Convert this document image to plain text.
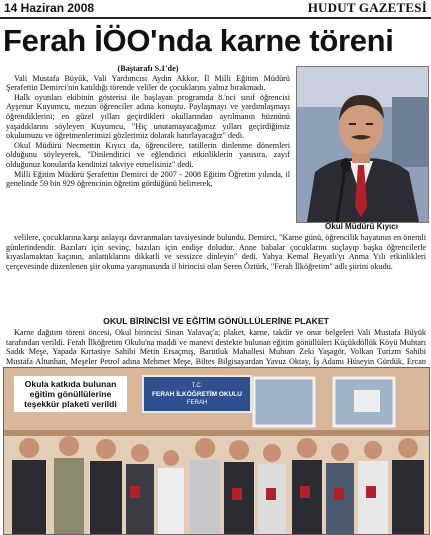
14 Haziran 2008	HUDUT GAZETESİ
Ferah İÖO'nda karne töreni

(Baştarafı S.1'de)

Vali Mustafa Büyük, Vali Yardımcısı Aydın Akkor, İl Milli Eğitim Müdürü Şerafettin Demirci'nin katıldığı törende veliler de çocuklarını yalnız bırakmadı.

Halk oyunları ekibinin gösterisi ile başlayan programda 8.'nci sınıf öğrencisi Ayşenur Kuyumcu, mezun öğrenciler adına konuştu. Paylaşmayı ve yardımlaşmayı öğrendiklerini; en güzel yılları geçirdikleri okullarından ayrılmanın hüznünü yaşadıklarını söyleyen Kuyumcu, "Hiç unutamayacağımız yılları geçirdiğimiz okulumuzu ve öğretmenlerimizi gözlerimiz dolarak hatırlayacağız" dedi.

Okul Müdürü Necmettin Kıyıcı da, öğrencilere, tatillerin dinlenme dönemleri olduğunu söyleyerek, "Dinlendirici ve eğlendirici etkinliklerin yanısıra, zayıf olduğunuz konularda kendinizi takviye etmelisiniz" dedi.

Milli Eğitim Müdürü Şerafettin Demirci de 2007 - 2008 Eğitim Öğretim yılında, il genelinde 59 bin 929 öğrencinin öğretim gördüğünü belirterek,

Okul Müdürü Kıyıcı

velilere, çocuklarına karşı anlayışı davranmaları tavsiyesinde bulundu. Demirci, "Karne günü, öğrencilik hayatının en önemli günlerindendir. Bazıları için sevinç, bazıları için endişe doludur. Anne babalar çocuklarını suçlayıp başka öğrencilerle kıyaslamaktan kaçının, anlattıklarını dikkatli ve sessizce dinleyin" dedi. Yahya Kemal Beyatlı'yı Anma Yılı etkinlikleri çerçevesinde düzenlenen şiir okuma yarışmasında il birincisi olan Seren Öztürk, "Ferah İlköğretim" adlı şiirini okudu.

OKUL BİRİNCİSİ VE EĞİTİM GÖNÜLLÜLERİNE PLAKET

Karne dağıtım töreni öncesi, Okul birincisi Sinan Yalavaç'a; plaket, karne, takdir ve onur belgeleri Vali Mustafa Büyük tarafından verildi. Ferah İlköğretim Okulu'na maddi ve manevi destekte bulunan eğitim gönüllüleri Küçükdöllük Köyü Muhtarı Sadık Meşe, Yapada Kırtasiye Sahibi Metin Ersaçmış, Barutluk Mahallesi Muhtarı Zeki Yaşagör, Volkan Turizm Sahibi Mustafa Altunhan, Meşeler Petrol adına Mehmet Meşe, Biltes Bilgisayardan Yavuz Oktay, İş Adamı Hüseyin Gürdük, Ercan

Okula katkıda bulunan eğitim gönüllülerine teşekkür plaketi verildi
T.C.
FERAH İLKÖĞRETİM OKULU
FERAH
